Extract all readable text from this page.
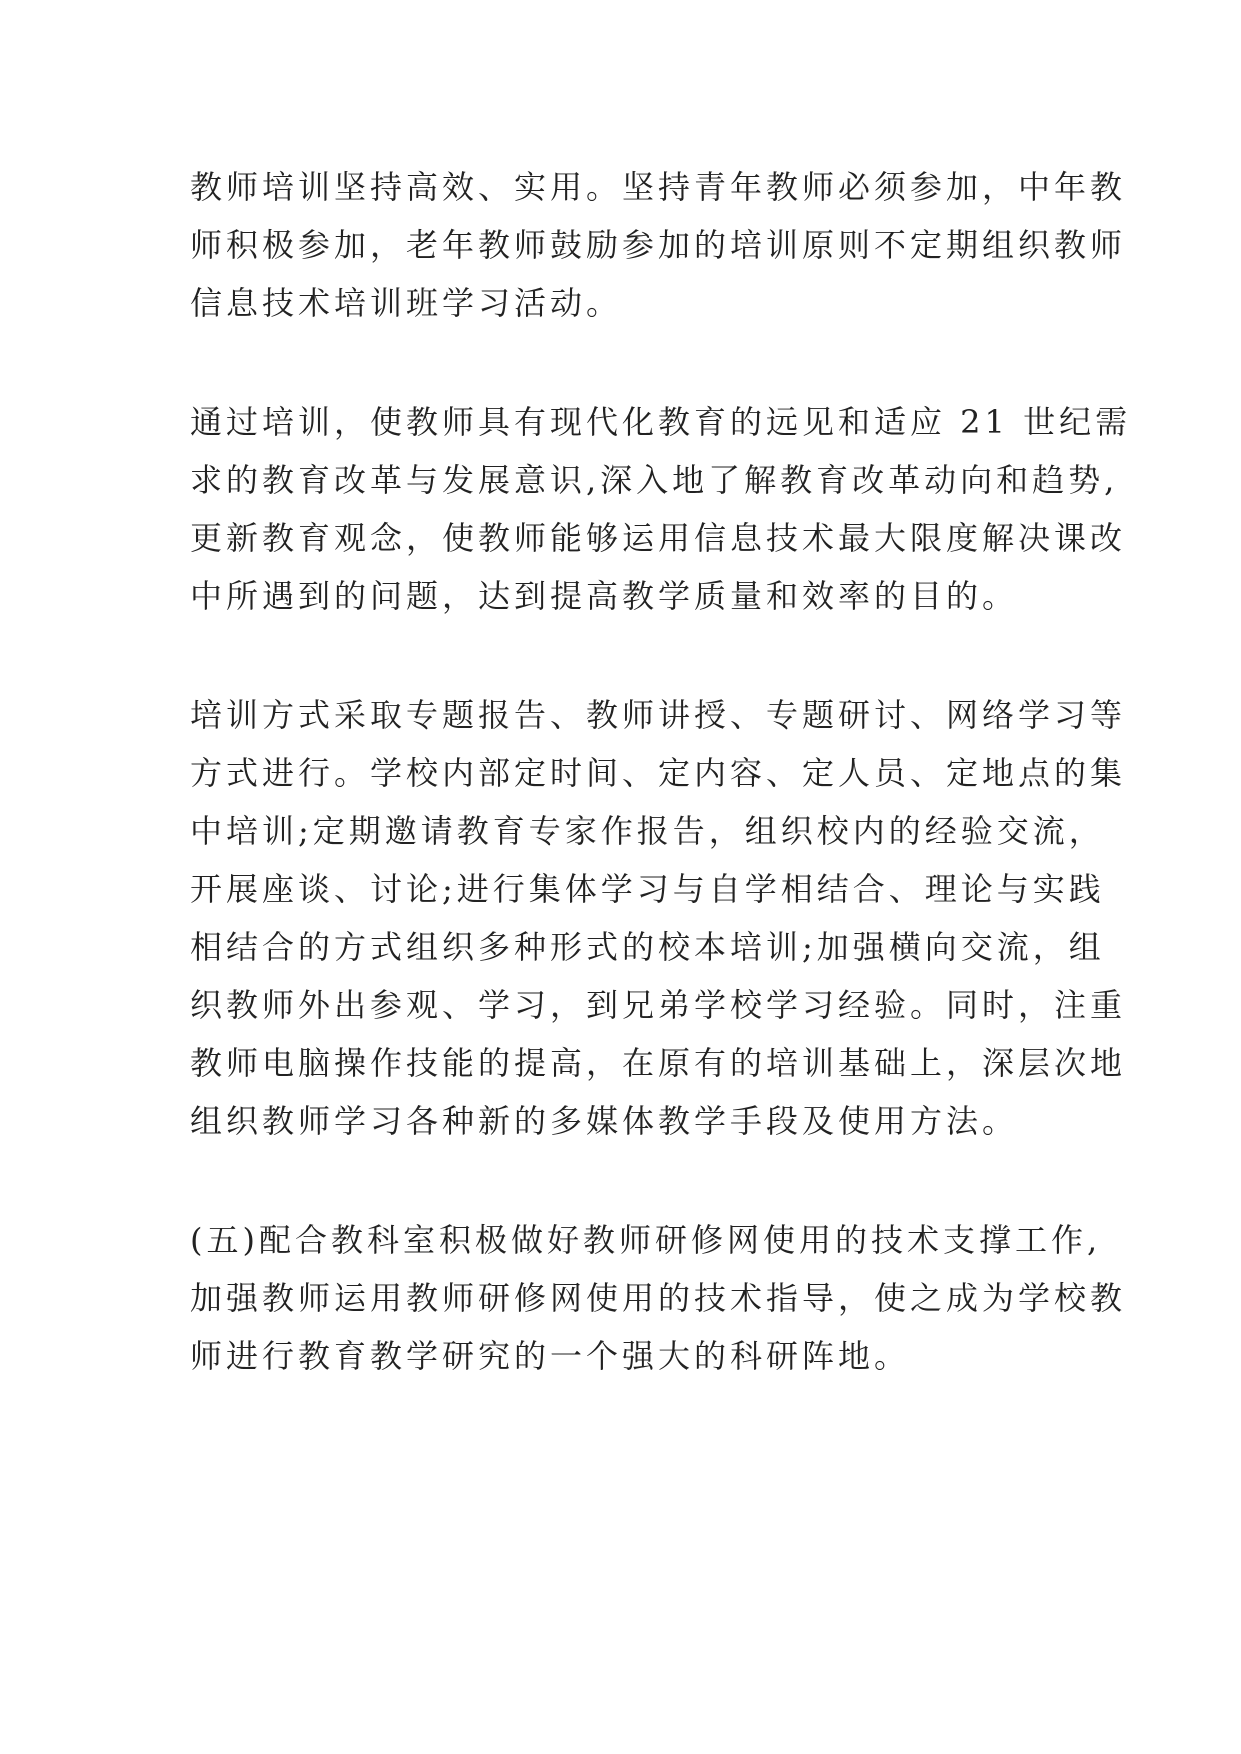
教师培训坚持高效、实用。坚持青年教师必须参加，中年教
师积极参加，老年教师鼓励参加的培训原则不定期组织教师
信息技术培训班学习活动。

通过培训，使教师具有现代化教育的远见和适应 21 世纪需
求的教育改革与发展意识,深入地了解教育改革动向和趋势,
更新教育观念，使教师能够运用信息技术最大限度解决课改
中所遇到的问题，达到提高教学质量和效率的目的。

培训方式采取专题报告、教师讲授、专题研讨、网络学习等
方式进行。学校内部定时间、定内容、定人员、定地点的集
中培训;定期邀请教育专家作报告，组织校内的经验交流，
开展座谈、讨论;进行集体学习与自学相结合、理论与实践
相结合的方式组织多种形式的校本培训;加强横向交流，组
织教师外出参观、学习，到兄弟学校学习经验。同时，注重
教师电脑操作技能的提高，在原有的培训基础上，深层次地
组织教师学习各种新的多媒体教学手段及使用方法。

(五)配合教科室积极做好教师研修网使用的技术支撑工作,
加强教师运用教师研修网使用的技术指导，使之成为学校教
师进行教育教学研究的一个强大的科研阵地。
